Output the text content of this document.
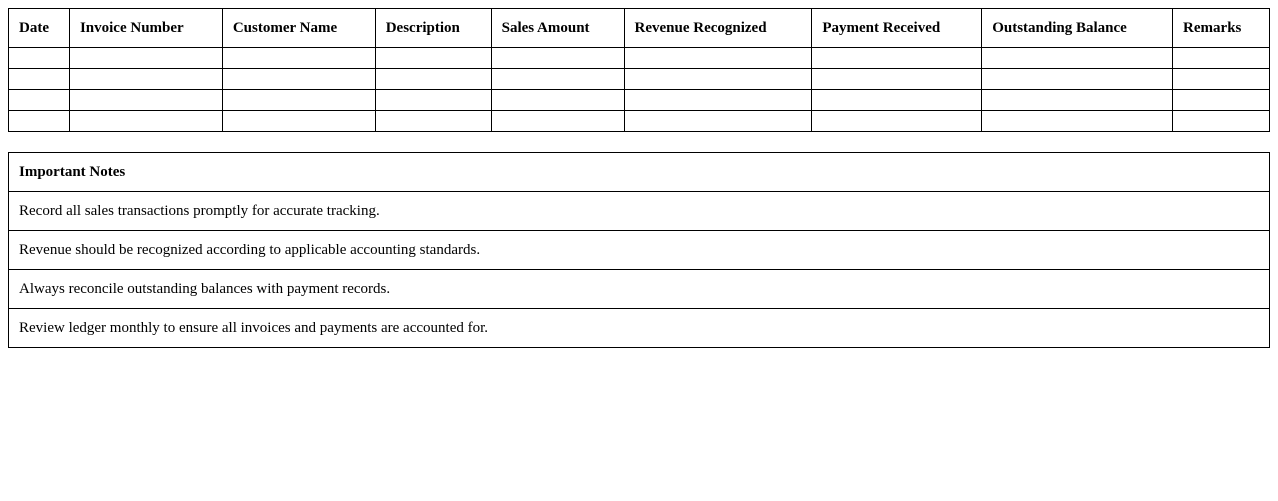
Date	Invoice Number	Customer Name	Description	Sales Amount	Revenue Recognized	Payment Received	Outstanding Balance	Remarks

Important Notes
Record all sales transactions promptly for accurate tracking.
Revenue should be recognized according to applicable accounting standards.
Always reconcile outstanding balances with payment records.
Review ledger monthly to ensure all invoices and payments are accounted for.
